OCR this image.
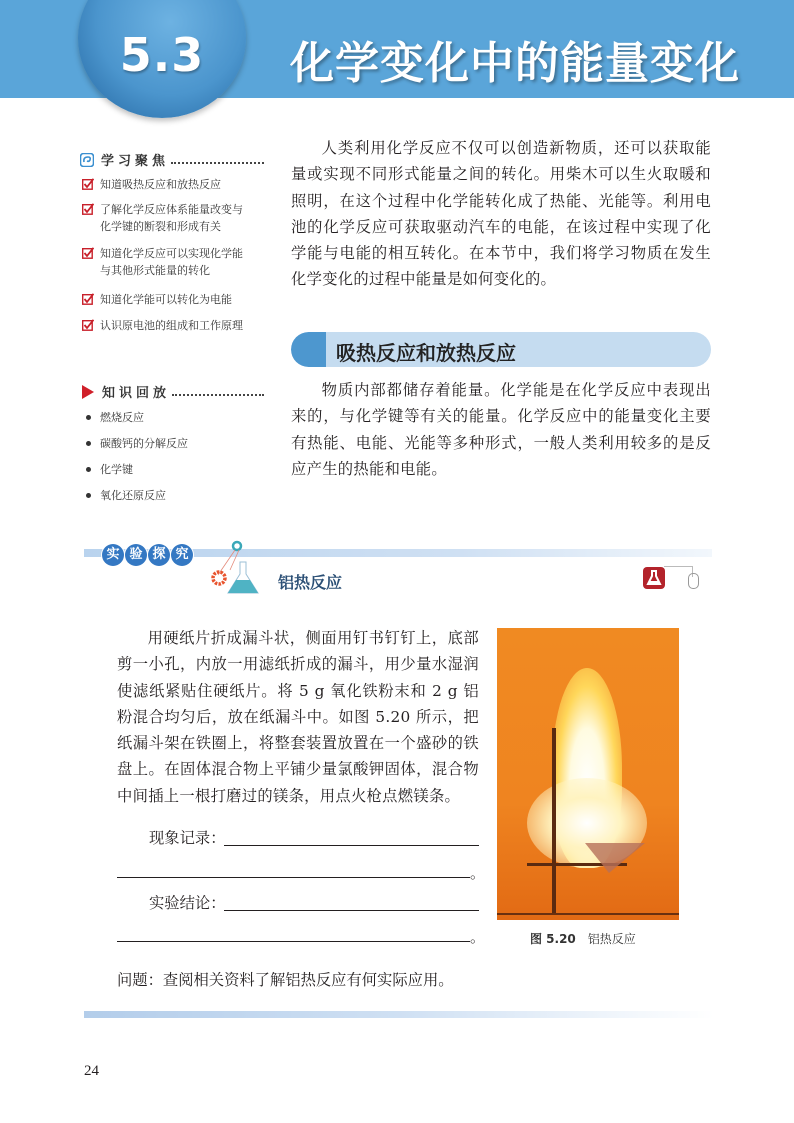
5.3	化学变化中的能量变化
学习聚焦
知道吸热反应和放热反应
了解化学反应体系能量改变与
化学键的断裂和形成有关
知道化学反应可以实现化学能
与其他形式能量的转化
知道化学能可以转化为电能
认识原电池的组成和工作原理
知识回放
燃烧反应
碳酸钙的分解反应
化学键
氧化还原反应

人类利用化学反应不仅可以创造新物质，还可以获取能量或实现不同形式能量之间的转化。用柴木可以生火取暖和照明，在这个过程中化学能转化成了热能、光能等。利用电池的化学反应可获取驱动汽车的电能，在该过程中实现了化学能与电能的相互转化。在本节中，我们将学习物质在发生化学变化的过程中能量是如何变化的。

吸热反应和放热反应

物质内部都储存着能量。化学能是在化学反应中表现出来的，与化学键等有关的能量。化学反应中的能量变化主要有热能、电能、光能等多种形式，一般人类利用较多的是反应产生的热能和电能。

实 验 探 究
铝热反应

用硬纸片折成漏斗状，侧面用钉书钉钉上，底部剪一小孔，内放一用滤纸折成的漏斗，用少量水湿润使滤纸紧贴住硬纸片。将 5 g 氧化铁粉末和 2 g 铝粉混合均匀后，放在纸漏斗中。如图 5.20 所示，把纸漏斗架在铁圈上，将整套装置放置在一个盛砂的铁盘上。在固体混合物上平铺少量氯酸钾固体，混合物中间插上一根打磨过的镁条，用点火枪点燃镁条。

现象记录：
。
实验结论：
。	图 5.20 铝热反应
问题：查阅相关资料了解铝热反应有何实际应用。
24
